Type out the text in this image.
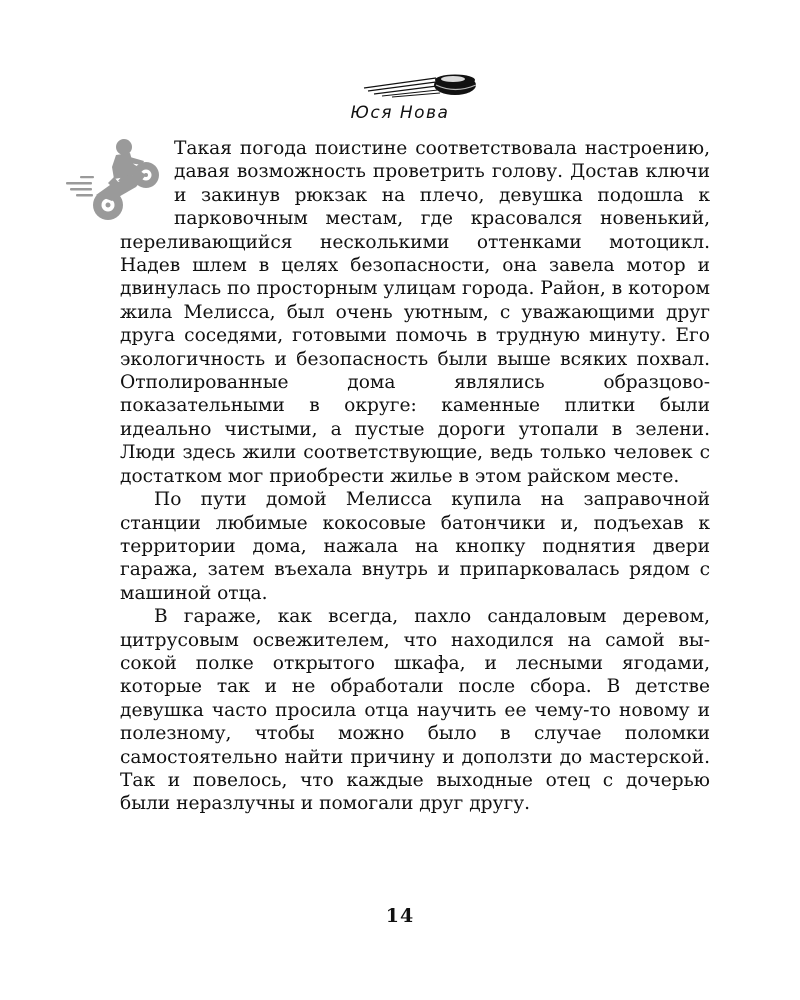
Юся Нова

Такая погода поистине соответствовала настроению, давая возможность проветрить голову. Достав ключи и закинув рюкзак на плечо, девушка подошла к парковочным местам, где красовался новенький, переливающийся несколькими оттенками мотоцикл. Надев шлем в целях безопасности, она завела мотор и двинулась по просторным улицам города. Район, в котором жила Мелисса, был очень уютным, с уважающими друг друга соседями, готовыми помочь в трудную минуту. Его экологичность и безопасность были выше всяких похвал. Отполированные дома являлись образцово-показательными в округе: каменные плитки были идеально чистыми, а пустые дороги утопали в зелени. Люди здесь жили соответствующие, ведь только человек с достатком мог приобрести жилье в этом райском месте.

По пути домой Мелисса купила на заправочной станции любимые кокосовые батончики и, подъехав к территории дома, нажала на кнопку поднятия двери гаража, затем въехала внутрь и припарковалась рядом с машиной отца.

В гараже, как всегда, пахло сандаловым деревом, цитрусовым освежителем, что находился на самой высокой полке открытого шкафа, и лесными ягодами, которые так и не обработали после сбора. В детстве девушка часто просила отца научить ее чему-то новому и полезному, чтобы можно было в случае поломки самостоятельно найти причину и доползти до мастерской. Так и повелось, что каждые выходные отец с дочерью были неразлучны и помогали друг другу.

14
